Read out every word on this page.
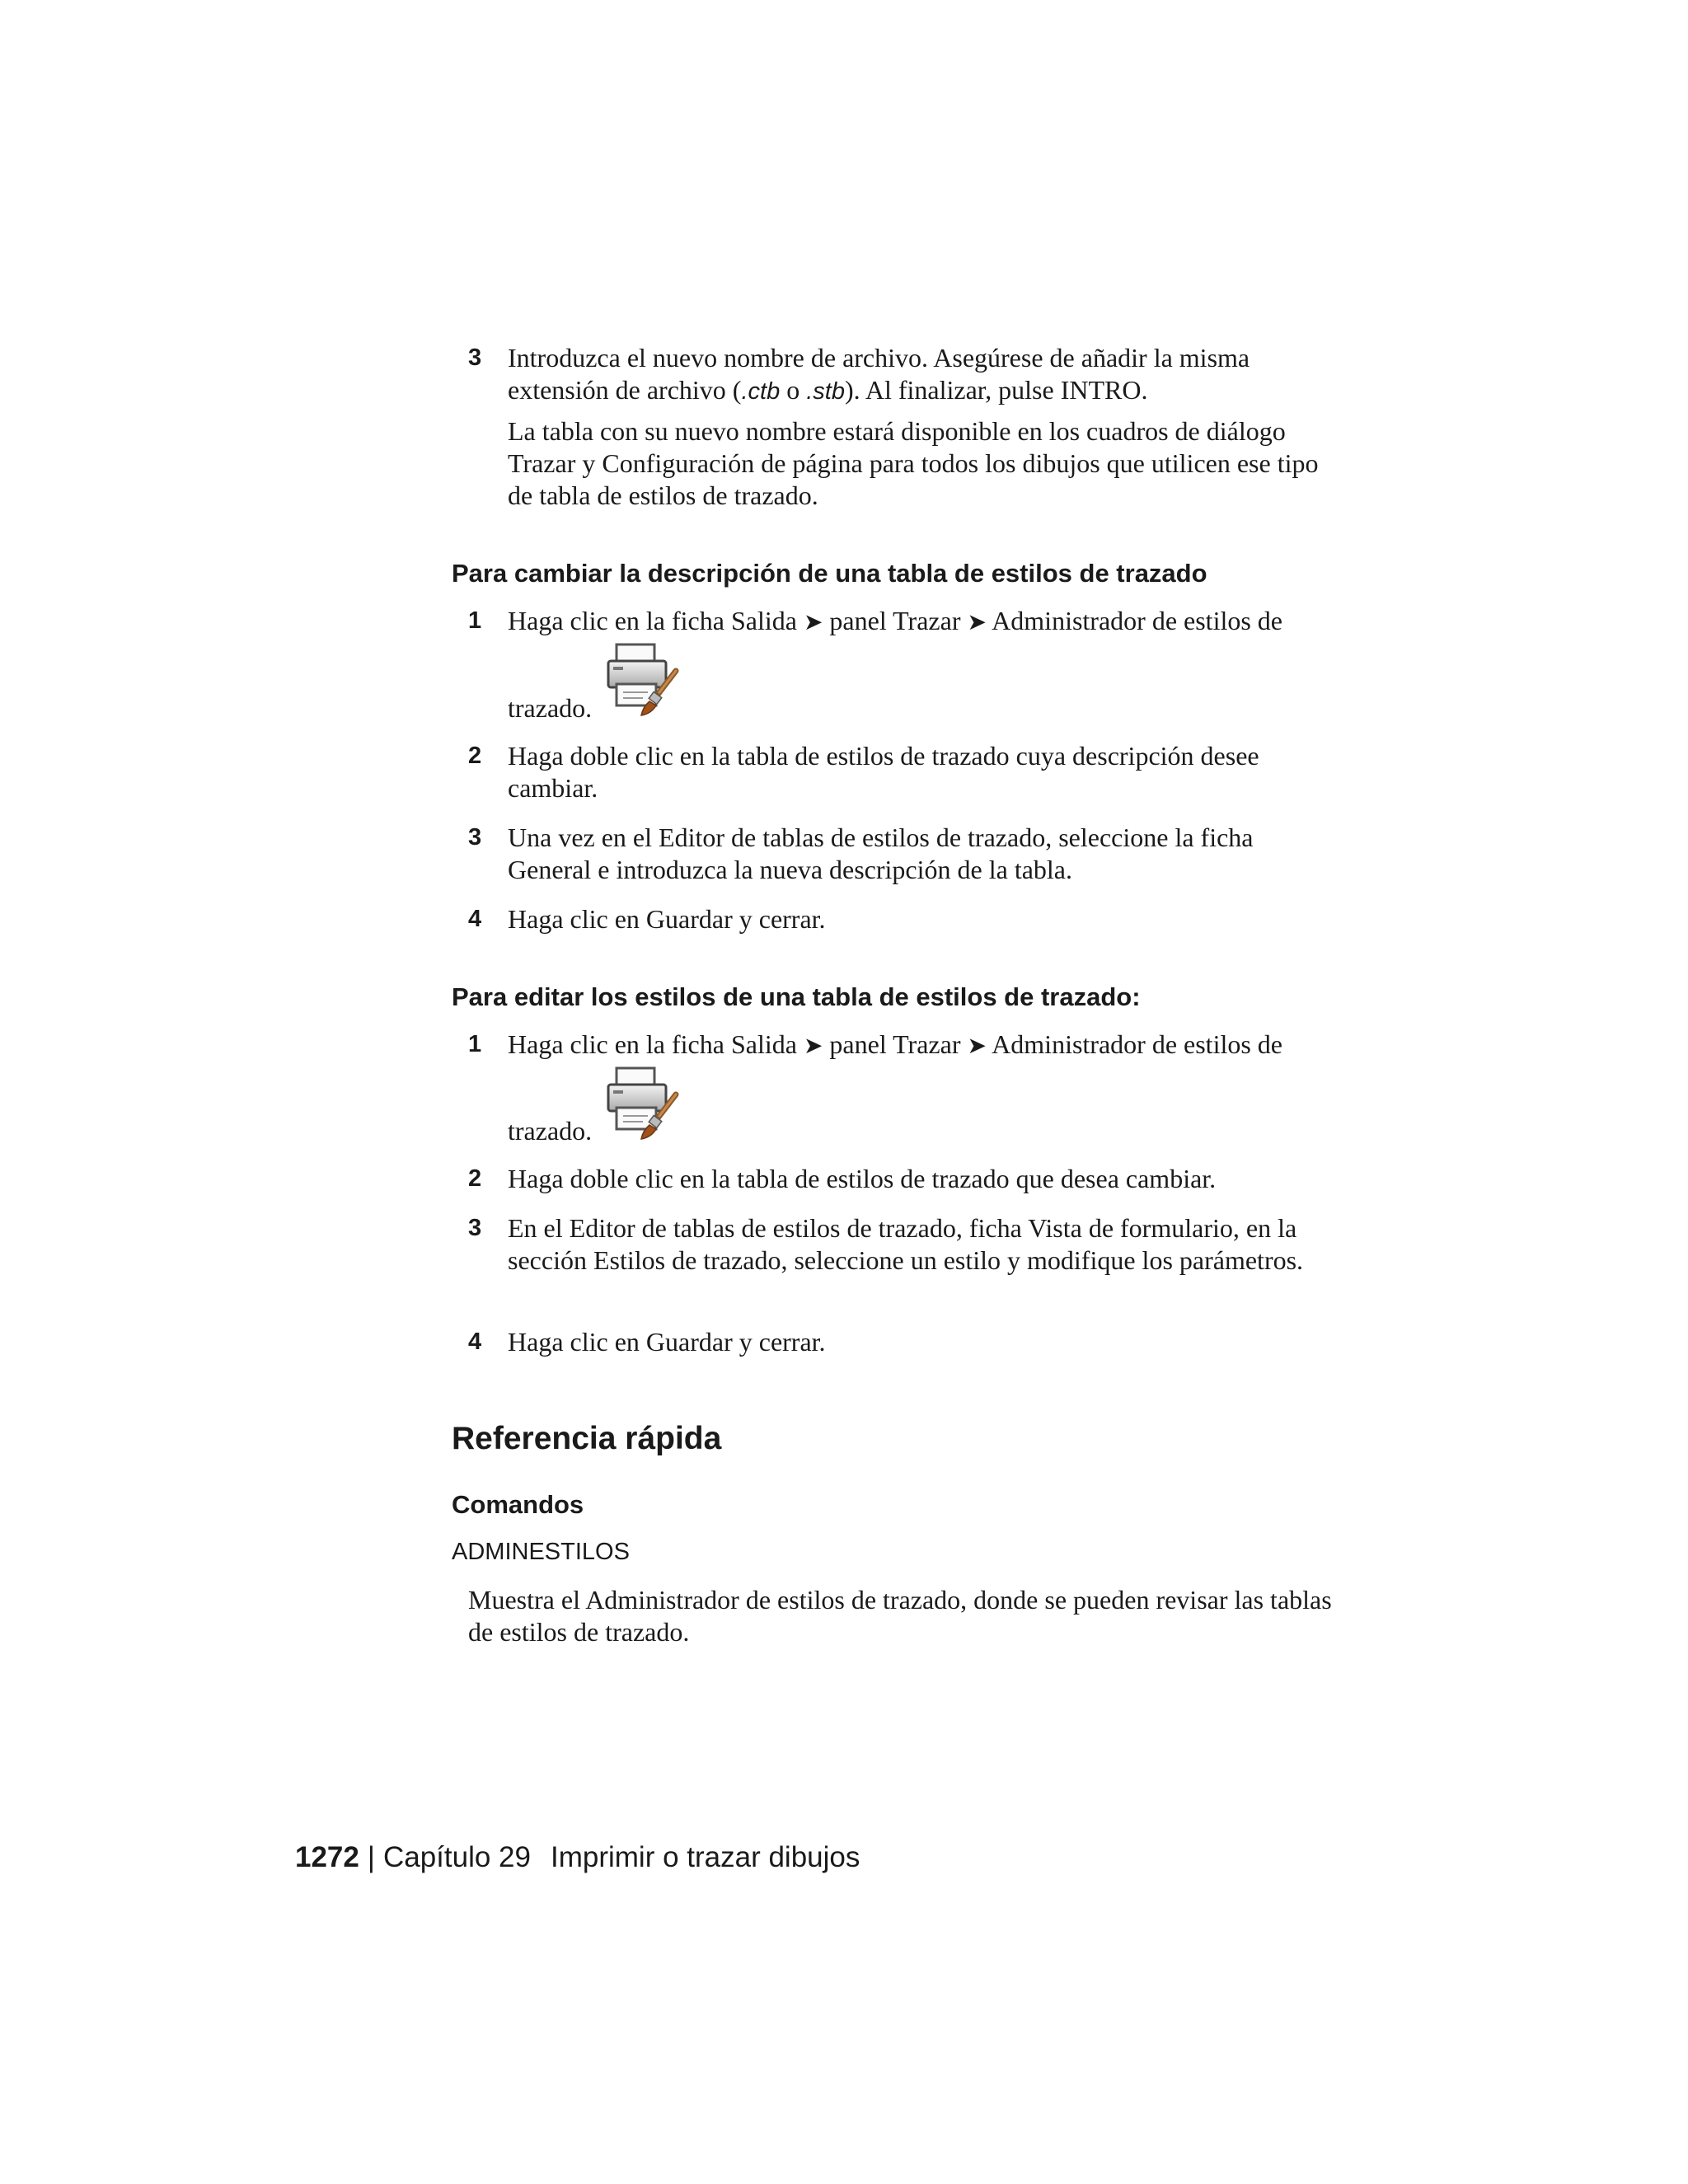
3 Introduzca el nuevo nombre de archivo. Asegúrese de añadir la misma extensión de archivo (.ctb o .stb). Al finalizar, pulse INTRO.
La tabla con su nuevo nombre estará disponible en los cuadros de diálogo Trazar y Configuración de página para todos los dibujos que utilicen ese tipo de tabla de estilos de trazado.
Para cambiar la descripción de una tabla de estilos de trazado
1 Haga clic en la ficha Salida ➤ panel Trazar ➤ Administrador de estilos de
trazado.
2 Haga doble clic en la tabla de estilos de trazado cuya descripción desee cambiar.
3 Una vez en el Editor de tablas de estilos de trazado, seleccione la ficha General e introduzca la nueva descripción de la tabla.
4 Haga clic en Guardar y cerrar.
Para editar los estilos de una tabla de estilos de trazado:
1 Haga clic en la ficha Salida ➤ panel Trazar ➤ Administrador de estilos de
trazado.
2 Haga doble clic en la tabla de estilos de trazado que desea cambiar.
3 En el Editor de tablas de estilos de trazado, ficha Vista de formulario, en la sección Estilos de trazado, seleccione un estilo y modifique los parámetros.
4 Haga clic en Guardar y cerrar.
Referencia rápida
Comandos
ADMINESTILOS
Muestra el Administrador de estilos de trazado, donde se pueden revisar las tablas de estilos de trazado.
1272 | Capítulo 29 Imprimir o trazar dibujos
